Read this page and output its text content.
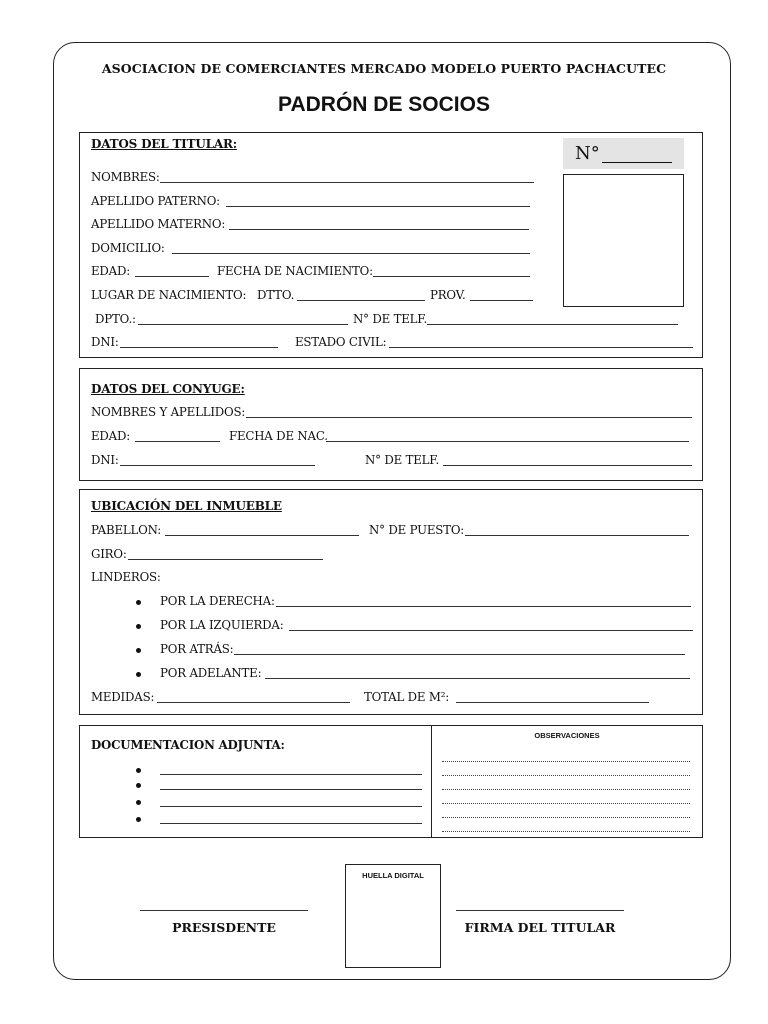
ASOCIACION DE COMERCIANTES MERCADO MODELO PUERTO PACHACUTEC
PADRÓN DE SOCIOS
DATOS DEL TITULAR:	N°
NOMBRES:
APELLIDO PATERNO:
APELLIDO MATERNO:
DOMICILIO:
EDAD:	FECHA DE NACIMIENTO:
LUGAR DE NACIMIENTO: DTTO.	PROV.
DPTO.:	N° DE TELF.
DNI:	ESTADO CIVIL:
DATOS DEL CONYUGE:
NOMBRES Y APELLIDOS:
EDAD:	FECHA DE NAC.
DNI:	N° DE TELF.
UBICACIÓN DEL INMUEBLE
PABELLON:	N° DE PUESTO:
GIRO:
LINDEROS:
POR LA DERECHA:
POR LA IZQUIERDA:
POR ATRÁS:
POR ADELANTE:
MEDIDAS:	TOTAL DE M²:
DOCUMENTACION ADJUNTA:
OBSERVACIONES
HUELLA DIGITAL
PRESISDENTE	FIRMA DEL TITULAR
